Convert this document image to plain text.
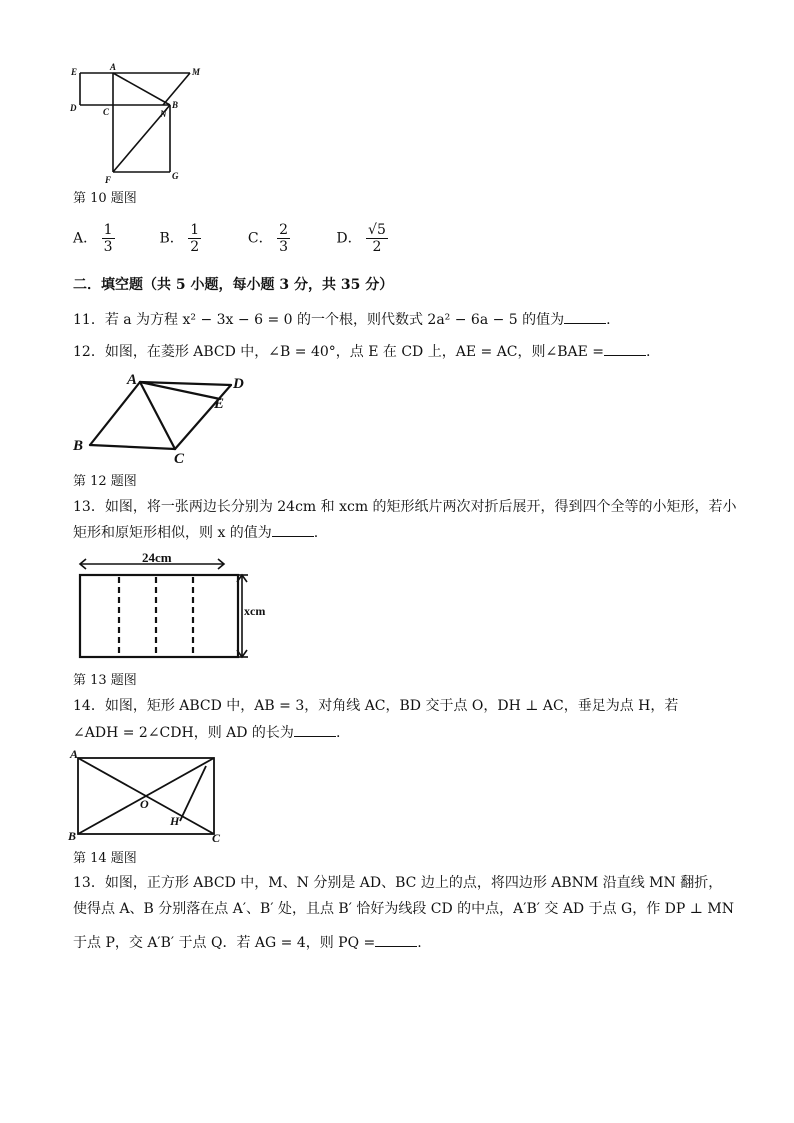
E	A	M
D	C	N
B
F	G
第 10 题图
A． $\frac{1}{3}$	B． $\frac{1}{2}$	C． $\frac{2}{3}$	D． $\frac{√5}{2}$
二．填空题（共 5 小题，每小题 3 分，共 35 分）
11．若 a 为方程 x² − 3x − 6 = 0 的一个根，则代数式 2a² − 6a − 5 的值为	.
12．如图，在菱形 ABCD 中，∠B = 40°，点 E 在 CD 上，AE = AC，则∠BAE =	.
A	D
E
B
C
第 12 题图
13．如图，将一张两边长分别为 24cm 和 xcm 的矩形纸片两次对折后展开，得到四个全等的小矩形，若小
矩形和原矩形相似，则 x 的值为	.
24cm
xcm
第 13 题图
14．如图，矩形 ABCD 中，AB = 3，对角线 AC，BD 交于点 O，DH ⊥ AC，垂足为点 H，若
∠ADH = 2∠CDH，则 AD 的长为	.
A
B	C
O
H
第 14 题图
13．如图，正方形 ABCD 中，M、N 分别是 AD、BC 边上的点，将四边形 ABNM 沿直线 MN 翻折，
使得点 A、B 分别落在点 A′、B′ 处，且点 B′ 恰好为线段 CD 的中点，A′B′ 交 AD 于点 G，作 DP ⊥ MN
于点 P，交 A′B′ 于点 Q．若 AG = 4，则 PQ =	.
